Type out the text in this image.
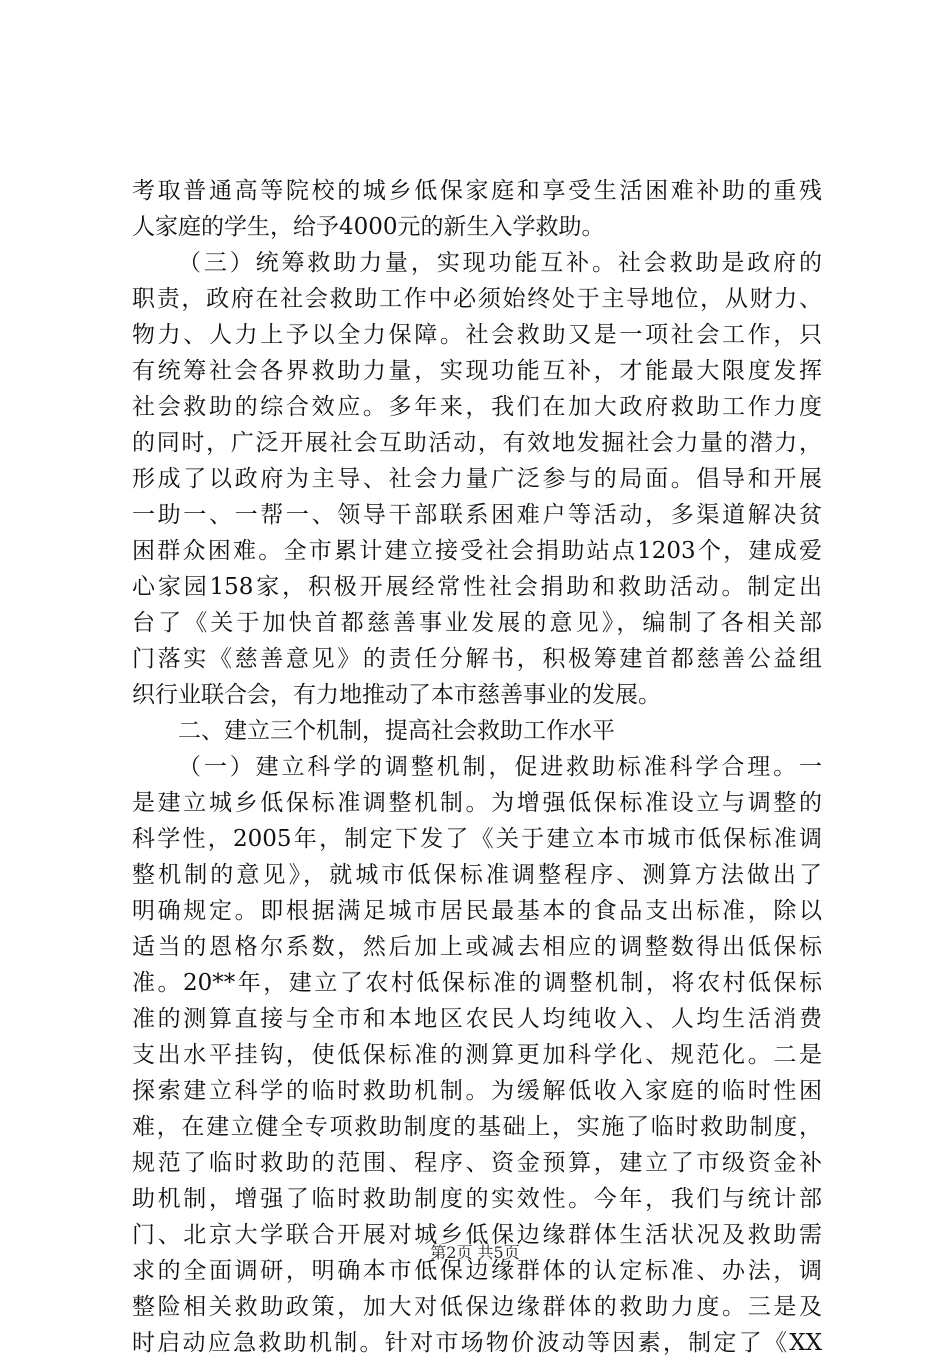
考取普通高等院校的城乡低保家庭和享受生活困难补助的重残
人家庭的学生，给予4000元的新生入学救助。
（三）统筹救助力量，实现功能互补。社会救助是政府的
职责，政府在社会救助工作中必须始终处于主导地位，从财力、
物力、人力上予以全力保障。社会救助又是一项社会工作，只
有统筹社会各界救助力量，实现功能互补，才能最大限度发挥
社会救助的综合效应。多年来，我们在加大政府救助工作力度
的同时，广泛开展社会互助活动，有效地发掘社会力量的潜力，
形成了以政府为主导、社会力量广泛参与的局面。倡导和开展
一助一、一帮一、领导干部联系困难户等活动，多渠道解决贫
困群众困难。全市累计建立接受社会捐助站点1203个，建成爱
心家园158家，积极开展经常性社会捐助和救助活动。制定出
台了《关于加快首都慈善事业发展的意见》，编制了各相关部
门落实《慈善意见》的责任分解书，积极筹建首都慈善公益组
织行业联合会，有力地推动了本市慈善事业的发展。
二、建立三个机制，提高社会救助工作水平
（一）建立科学的调整机制，促进救助标准科学合理。一
是建立城乡低保标准调整机制。为增强低保标准设立与调整的
科学性，2005年，制定下发了《关于建立本市城市低保标准调
整机制的意见》，就城市低保标准调整程序、测算方法做出了
明确规定。即根据满足城市居民最基本的食品支出标准，除以
适当的恩格尔系数，然后加上或减去相应的调整数得出低保标
准。20**年，建立了农村低保标准的调整机制，将农村低保标
准的测算直接与全市和本地区农民人均纯收入、人均生活消费
支出水平挂钩，使低保标准的测算更加科学化、规范化。二是
探索建立科学的临时救助机制。为缓解低收入家庭的临时性困
难，在建立健全专项救助制度的基础上，实施了临时救助制度，
规范了临时救助的范围、程序、资金预算，建立了市级资金补
助机制，增强了临时救助制度的实效性。今年，我们与统计部
门、北京大学联合开展对城乡低保边缘群体生活状况及救助需
求的全面调研，明确本市低保边缘群体的认定标准、办法，调
整险相关救助政策，加大对低保边缘群体的救助力度。三是及
时启动应急救助机制。针对市场物价波动等因素，制定了《XX
第2页 共5页
